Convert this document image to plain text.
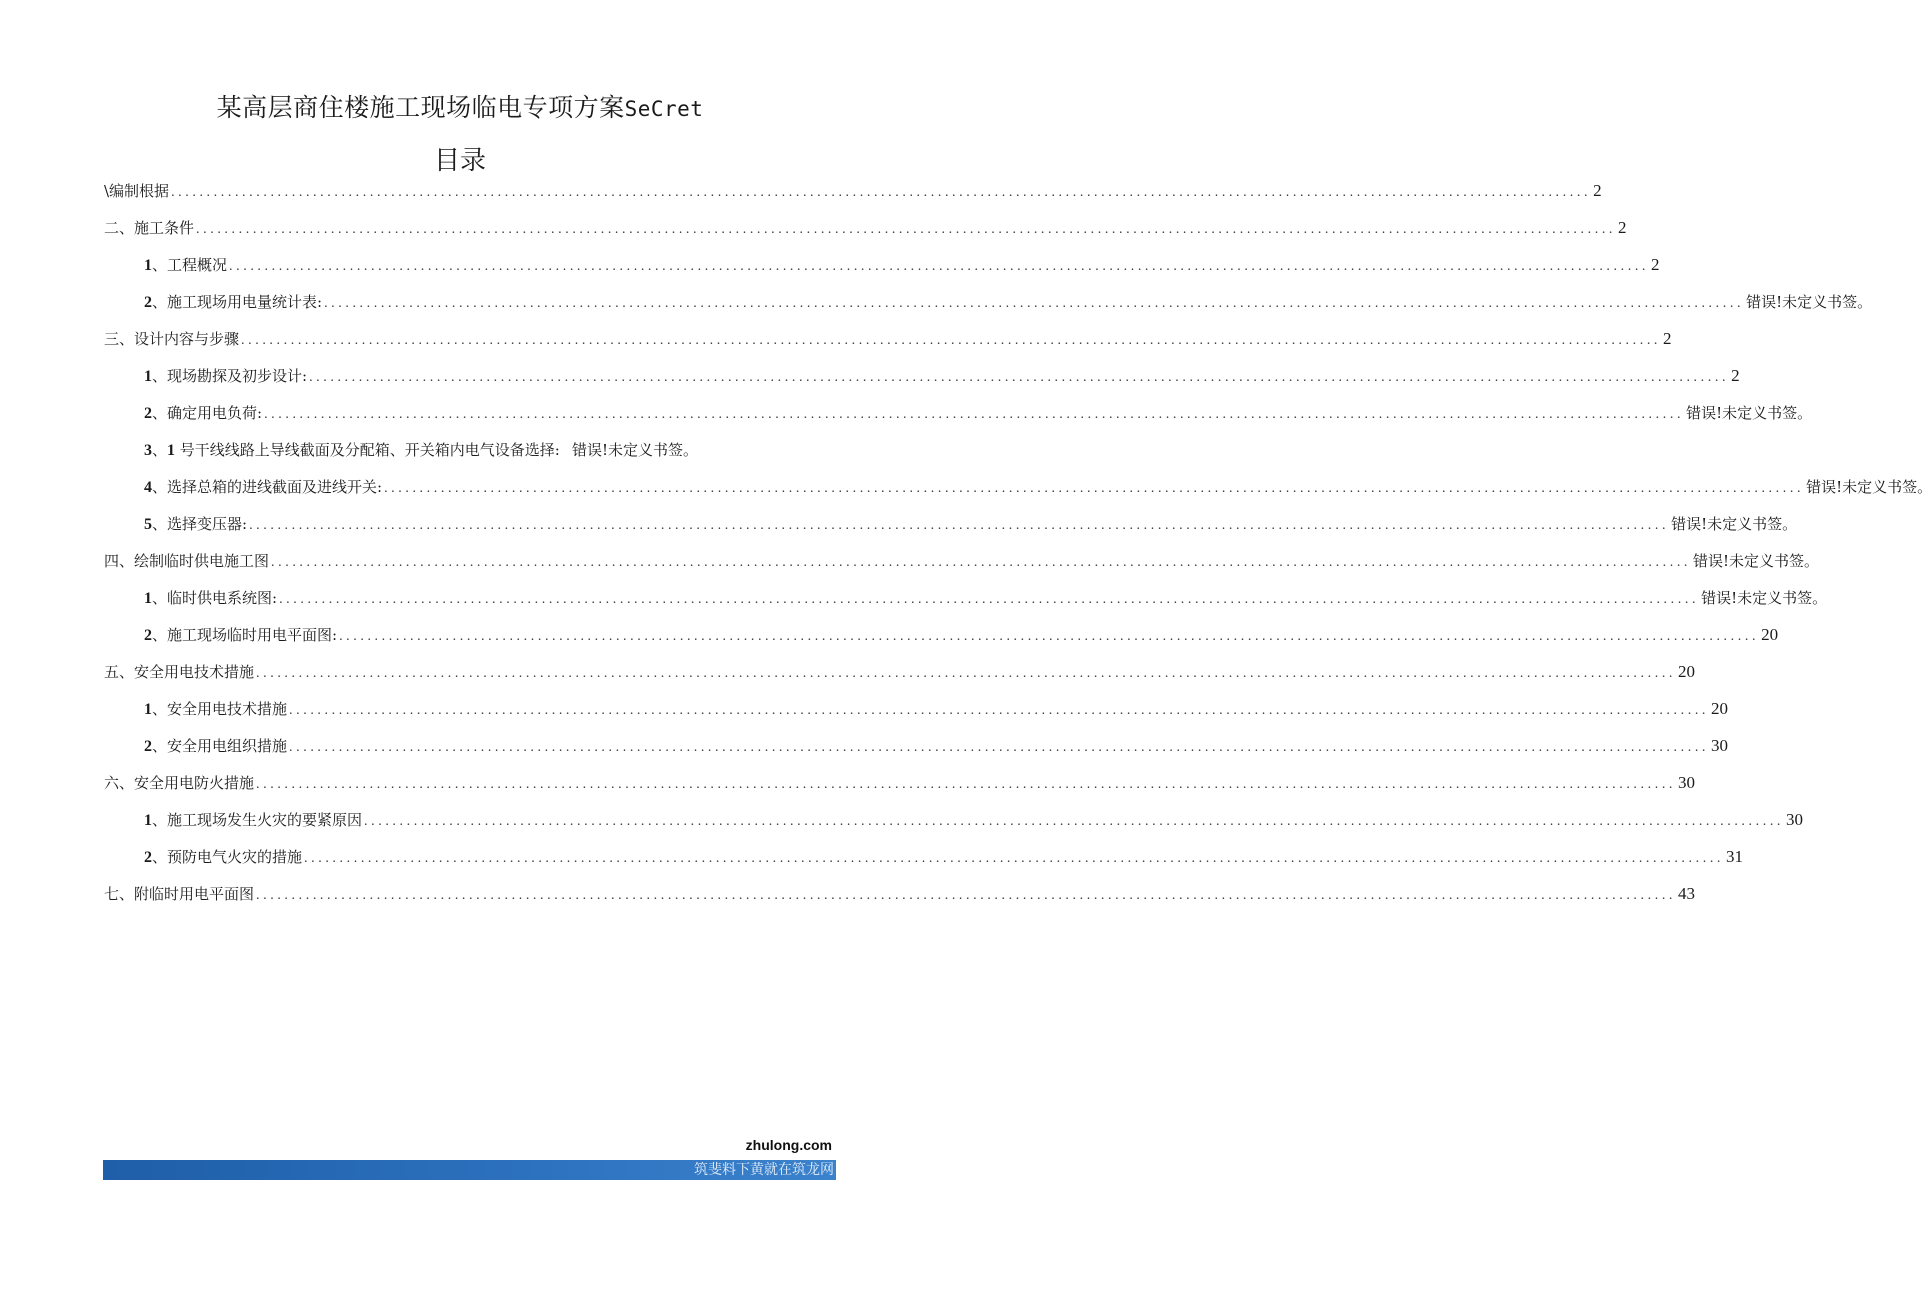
某高层商住楼施工现场临电专项方案SeCret
目录
\编制根据 ........................................................................................................................................................................................................ 2
二、施工条件 ........................................................................................................................................................................................................ 2
1、工程概况 ........................................................................................................................................................................................................ 2
2、施工现场用电量统计表: ........................................................................................................................................................................................................ 错误!未定义书签。
三、设计内容与步骤 ........................................................................................................................................................................................................ 2
1、现场勘探及初步设计: ........................................................................................................................................................................................................ 2
2、确定用电负荷: ........................................................................................................................................................................................................ 错误!未定义书签。
3、1 号干线线路上导线截面及分配箱、开关箱内电气设备选择: 错误!未定义书签。
4、选择总箱的进线截面及进线开关: ........................................................................................................................................................................................................ 错误!未定义书签。
5、选择变压器: ........................................................................................................................................................................................................ 错误!未定义书签。
四、绘制临时供电施工图 ........................................................................................................................................................................................................ 错误!未定义书签。
1、临时供电系统图: ........................................................................................................................................................................................................ 错误!未定义书签。
2、施工现场临时用电平面图: ........................................................................................................................................................................................................ 20
五、安全用电技术措施 ........................................................................................................................................................................................................ 20
1、安全用电技术措施 ........................................................................................................................................................................................................ 20
2、安全用电组织措施 ........................................................................................................................................................................................................ 30
六、安全用电防火措施 ........................................................................................................................................................................................................ 30
1、施工现场发生火灾的要紧原因 ........................................................................................................................................................................................................ 30
2、预防电气火灾的措施 ........................................................................................................................................................................................................ 31
七、附临时用电平面图 ........................................................................................................................................................................................................ 43
zhulong.com
筑斐料下黄就在筑龙网
